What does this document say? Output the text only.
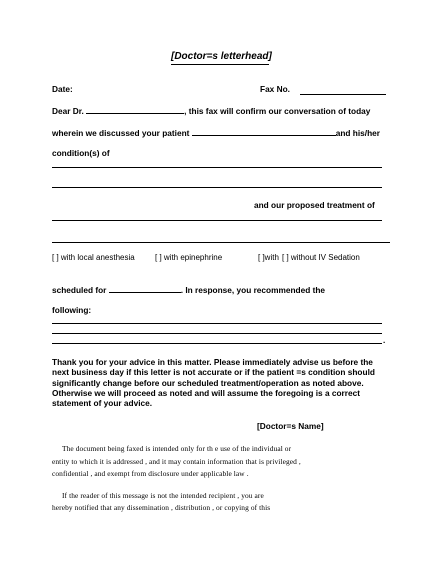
[Doctor=s letterhead]
Date:	Fax No.
Dear Dr.	, this fax will confirm our conversation of today
wherein we discussed your patient	and his/her
condition(s) of
and our proposed treatment of
[ ] with local anesthesia	[ ] with epinephrine	[ ]with [ ] without IV Sedation
scheduled for	. In response, you recommended the
following:
.
Thank you for your advice in this matter. Please immediately advise us before the next business day if this letter is not accurate or if the patient =s condition should significantly change before our scheduled treatment/operation as noted above. Otherwise we will proceed as noted and will assume the foregoing is a correct statement of your advice.
[Doctor=s Name]
The document being faxed is intended only for th e use of the individual or
entity to which it is addressed , and it may contain information that is privileged ,
confidential , and exempt from disclosure under applicable law .
If the reader of this message is not the intended recipient , you are
hereby notified that any dissemination , distribution , or copying of this
